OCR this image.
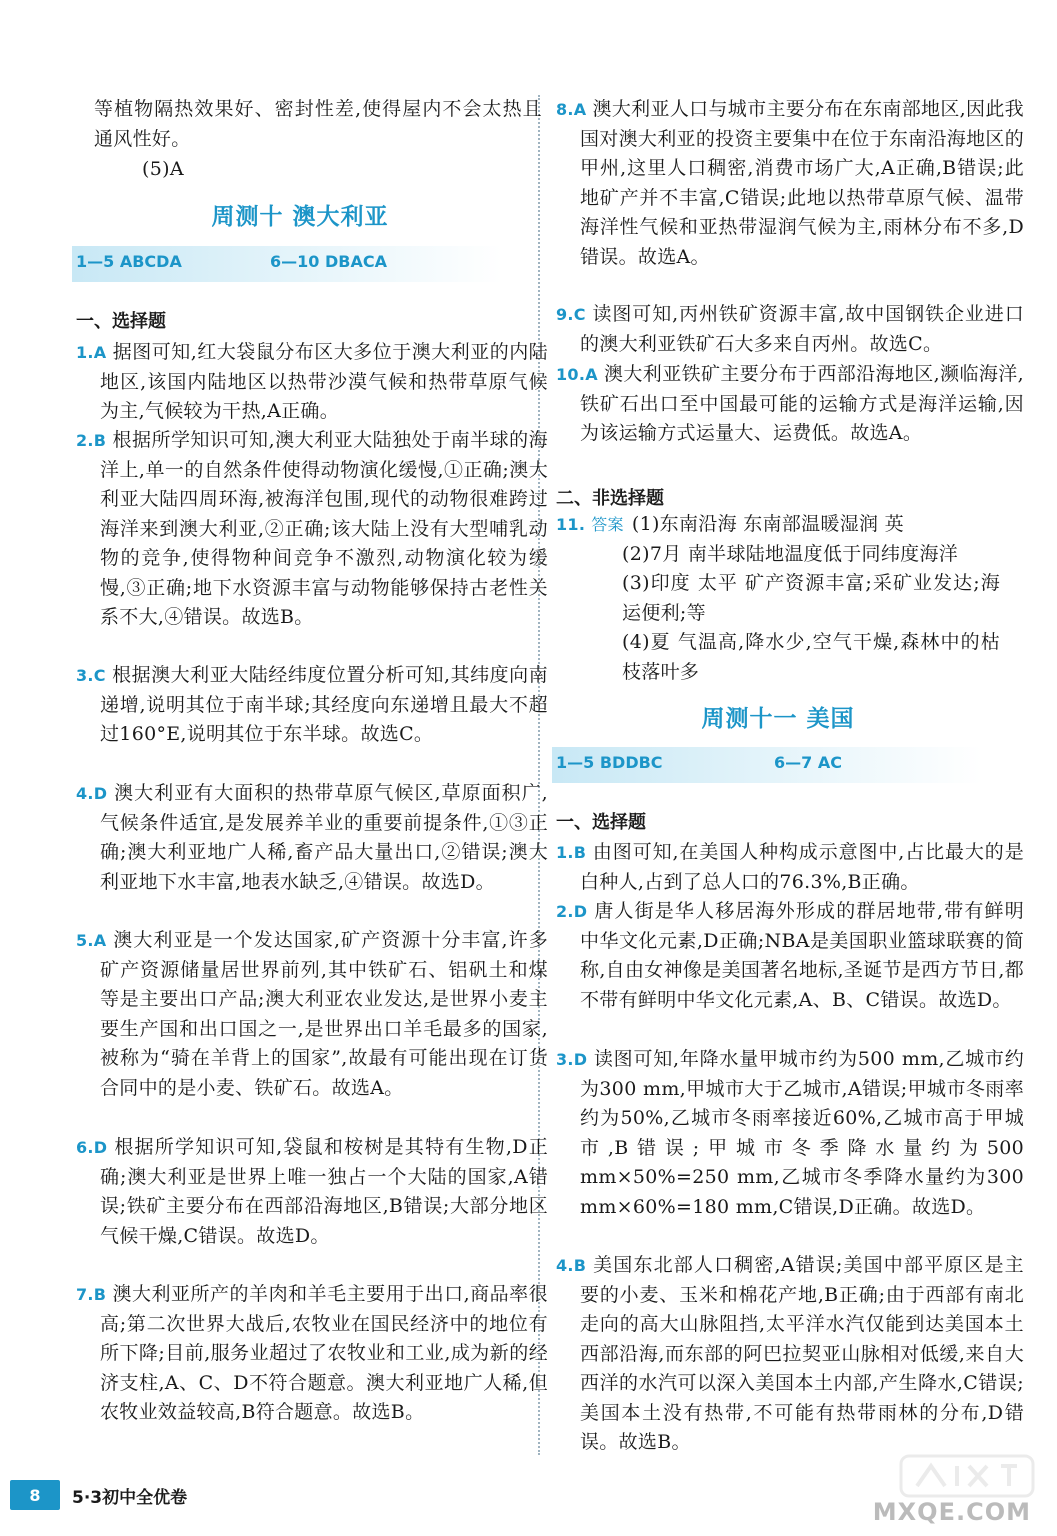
等植物隔热效果好、密封性差,使得屋内不会太热且通风性好。
(5)A
周测十 澳大利亚
1—5 ABCDA	6—10 DBACA
一、选择题
1.A 据图可知,红大袋鼠分布区大多位于澳大利亚的内陆地区,该国内陆地区以热带沙漠气候和热带草原气候为主,气候较为干热,A正确。
2.B 根据所学知识可知,澳大利亚大陆独处于南半球的海洋上,单一的自然条件使得动物演化缓慢,①正确;澳大利亚大陆四周环海,被海洋包围,现代的动物很难跨过海洋来到澳大利亚,②正确;该大陆上没有大型哺乳动物的竞争,使得物种间竞争不激烈,动物演化较为缓慢,③正确;地下水资源丰富与动物能够保持古老性关系不大,④错误。故选B。
3.C 根据澳大利亚大陆经纬度位置分析可知,其纬度向南递增,说明其位于南半球;其经度向东递增且最大不超过160°E,说明其位于东半球。故选C。
4.D 澳大利亚有大面积的热带草原气候区,草原面积广,气候条件适宜,是发展养羊业的重要前提条件,①③正确;澳大利亚地广人稀,畜产品大量出口,②错误;澳大利亚地下水丰富,地表水缺乏,④错误。故选D。
5.A 澳大利亚是一个发达国家,矿产资源十分丰富,许多矿产资源储量居世界前列,其中铁矿石、铝矾土和煤等是主要出口产品;澳大利亚农业发达,是世界小麦主要生产国和出口国之一,是世界出口羊毛最多的国家,被称为“骑在羊背上的国家”,故最有可能出现在订货合同中的是小麦、铁矿石。故选A。
6.D 根据所学知识可知,袋鼠和桉树是其特有生物,D正确;澳大利亚是世界上唯一独占一个大陆的国家,A错误;铁矿主要分布在西部沿海地区,B错误;大部分地区气候干燥,C错误。故选D。
7.B 澳大利亚所产的羊肉和羊毛主要用于出口,商品率很高;第二次世界大战后,农牧业在国民经济中的地位有所下降;目前,服务业超过了农牧业和工业,成为新的经济支柱,A、C、D不符合题意。澳大利亚地广人稀,但农牧业效益较高,B符合题意。故选B。
8.A 澳大利亚人口与城市主要分布在东南部地区,因此我国对澳大利亚的投资主要集中在位于东南沿海地区的甲州,这里人口稠密,消费市场广大,A正确,B错误;此地矿产并不丰富,C错误;此地以热带草原气候、温带海洋性气候和亚热带湿润气候为主,雨林分布不多,D错误。故选A。
9.C 读图可知,丙州铁矿资源丰富,故中国钢铁企业进口的澳大利亚铁矿石大多来自丙州。故选C。
10.A 澳大利亚铁矿主要分布于西部沿海地区,濒临海洋,铁矿石出口至中国最可能的运输方式是海洋运输,因为该运输方式运量大、运费低。故选A。
二、非选择题
11. 答案 (1)东南沿海 东南部温暖湿润 英
(2)7月 南半球陆地温度低于同纬度海洋
(3)印度 太平 矿产资源丰富;采矿业发达;海运便利;等
(4)夏 气温高,降水少,空气干燥,森林中的枯枝落叶多
周测十一 美国
1—5 BDDBC	6—7 AC
一、选择题
1.B 由图可知,在美国人种构成示意图中,占比最大的是白种人,占到了总人口的76.3%,B正确。
2.D 唐人街是华人移居海外形成的群居地带,带有鲜明中华文化元素,D正确;NBA是美国职业篮球联赛的简称,自由女神像是美国著名地标,圣诞节是西方节日,都不带有鲜明中华文化元素,A、B、C错误。故选D。
3.D 读图可知,年降水量甲城市约为500 mm,乙城市约为300 mm,甲城市大于乙城市,A错误;甲城市冬雨率约为50%,乙城市冬雨率接近60%,乙城市高于甲城市,B错误;甲城市冬季降水量约为500 mm×50%=250 mm,乙城市冬季降水量约为300 mm×60%=180 mm,C错误,D正确。故选D。
4.B 美国东北部人口稠密,A错误;美国中部平原区是主要的小麦、玉米和棉花产地,B正确;由于西部有南北走向的高大山脉阻挡,太平洋水汽仅能到达美国本土西部沿海,而东部的阿巴拉契亚山脉相对低缓,来自大西洋的水汽可以深入美国本土内部,产生降水,C错误;美国本土没有热带,不可能有热带雨林的分布,D错误。故选B。
8	5·3初中全优卷
MXQE.COM
